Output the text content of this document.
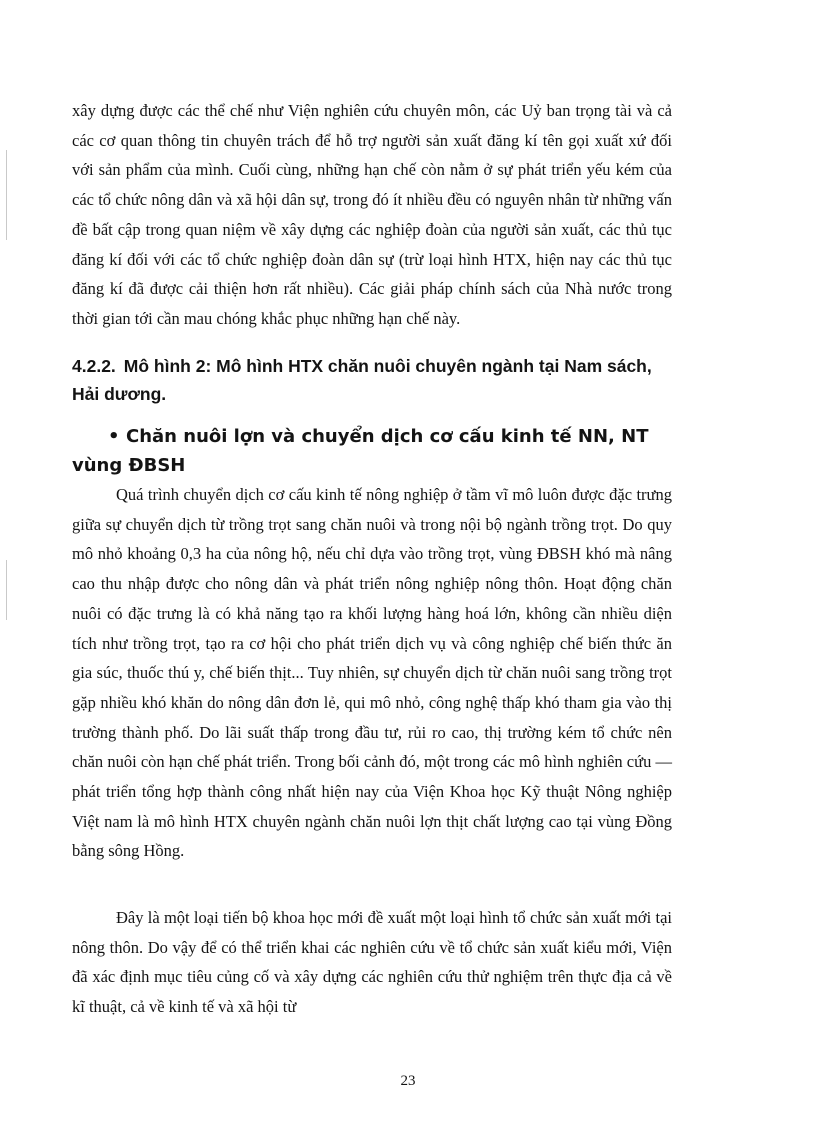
xây dựng được các thể chế như Viện nghiên cứu chuyên môn, các Uỷ ban trọng tài và cả các cơ quan thông tin chuyên trách để hỗ trợ người sản xuất đăng kí tên gọi xuất xứ đối với sản phẩm của mình. Cuối cùng, những hạn chế còn nằm ở sự phát triển yếu kém của các tổ chức nông dân và xã hội dân sự, trong đó ít nhiều đều có nguyên nhân từ những vấn đề bất cập trong quan niệm về xây dựng các nghiệp đoàn của người sản xuất, các thủ tục đăng kí đối với các tổ chức nghiệp đoàn dân sự (trừ loại hình HTX, hiện nay các thủ tục đăng kí đã được cải thiện hơn rất nhiều). Các giải pháp chính sách của Nhà nước trong thời gian tới cần mau chóng khắc phục những hạn chế này.

4.2.2. Mô hình 2: Mô hình HTX chăn nuôi chuyên ngành tại Nam sách, Hải dương.
• Chăn nuôi lợn và chuyển dịch cơ cấu kinh tế NN, NT vùng ĐBSH

Quá trình chuyển dịch cơ cấu kinh tế nông nghiệp ở tầm vĩ mô luôn được đặc trưng giữa sự chuyển dịch từ trồng trọt sang chăn nuôi và trong nội bộ ngành trồng trọt. Do quy mô nhỏ khoảng 0,3 ha của nông hộ, nếu chỉ dựa vào trồng trọt, vùng ĐBSH khó mà nâng cao thu nhập được cho nông dân và phát triển nông nghiệp nông thôn. Hoạt động chăn nuôi có đặc trưng là có khả năng tạo ra khối lượng hàng hoá lớn, không cần nhiều diện tích như trồng trọt, tạo ra cơ hội cho phát triển dịch vụ và công nghiệp chế biến thức ăn gia súc, thuốc thú y, chế biến thịt... Tuy nhiên, sự chuyển dịch từ chăn nuôi sang trồng trọt gặp nhiều khó khăn do nông dân đơn lẻ, qui mô nhỏ, công nghệ thấp khó tham gia vào thị trường thành phố. Do lãi suất thấp trong đầu tư, rủi ro cao, thị trường kém tổ chức nên chăn nuôi còn hạn chế phát triển. Trong bối cảnh đó, một trong các mô hình nghiên cứu — phát triển tổng hợp thành công nhất hiện nay của Viện Khoa học Kỹ thuật Nông nghiệp Việt nam là mô hình HTX chuyên ngành chăn nuôi lợn thịt chất lượng cao tại vùng Đồng bằng sông Hồng.

Đây là một loại tiến bộ khoa học mới đề xuất một loại hình tổ chức sản xuất mới tại nông thôn. Do vậy để có thể triển khai các nghiên cứu về tổ chức sản xuất kiểu mới, Viện đã xác định mục tiêu củng cố và xây dựng các nghiên cứu thử nghiệm trên thực địa cả về kĩ thuật, cả về kinh tế và xã hội từ

23
